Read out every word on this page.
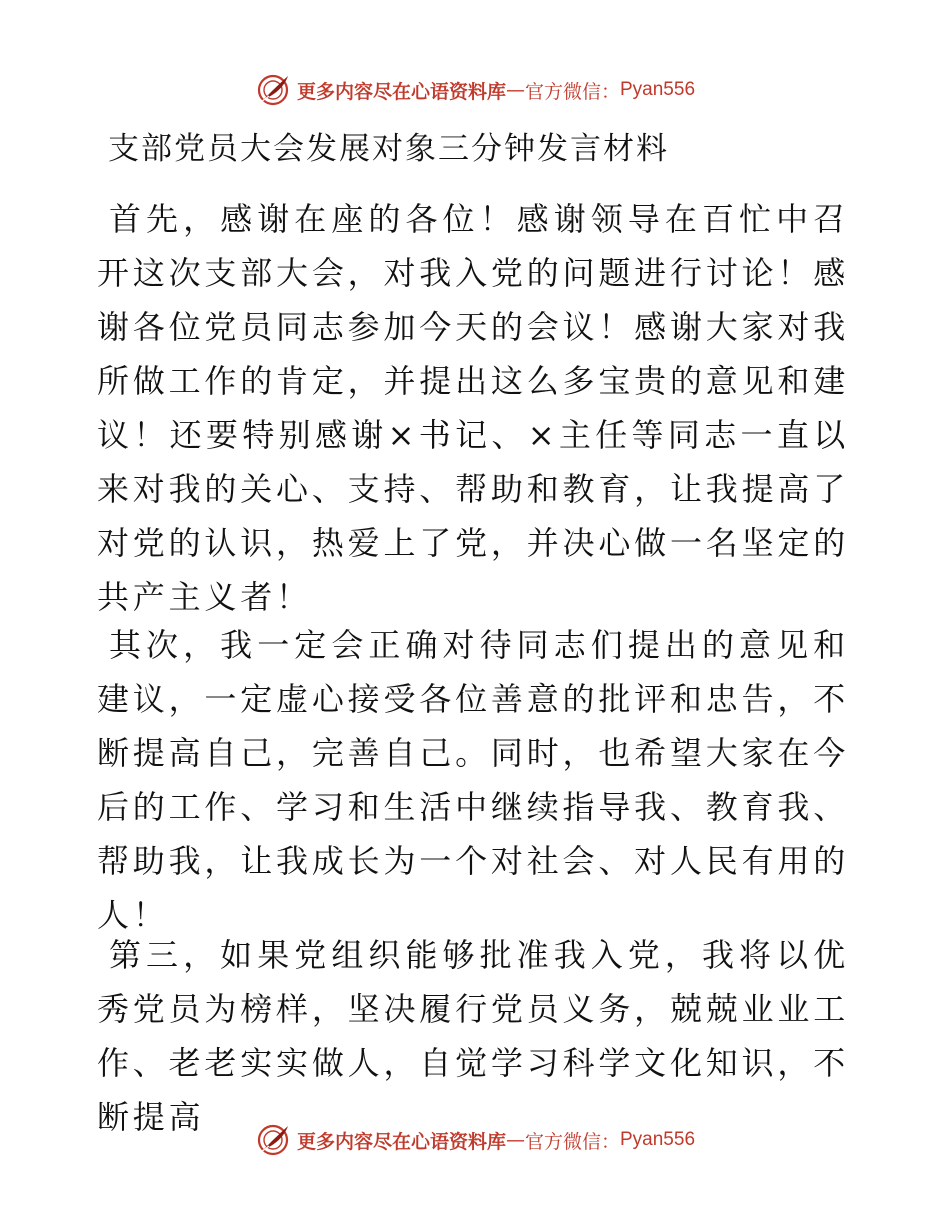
更多内容尽在心语资料库 — 官方微信： Pyan556
支部党员大会发展对象三分钟发言材料

首先，感谢在座的各位！感谢领导在百忙中召开这次支部大会，对我入党的问题进行讨论！感谢各位党员同志参加今天的会议！感谢大家对我所做工作的肯定，并提出这么多宝贵的意见和建议！还要特别感谢×书记、×主任等同志一直以来对我的关心、支持、帮助和教育，让我提高了对党的认识，热爱上了党，并决心做一名坚定的共产主义者！

其次，我一定会正确对待同志们提出的意见和建议，一定虚心接受各位善意的批评和忠告，不断提高自己，完善自己。同时，也希望大家在今后的工作、学习和生活中继续指导我、教育我、帮助我，让我成长为一个对社会、对人民有用的人！

第三，如果党组织能够批准我入党，我将以优秀党员为榜样，坚决履行党员义务，兢兢业业工作、老老实实做人，自觉学习科学文化知识，不断提高

更多内容尽在心语资料库 — 官方微信： Pyan556
